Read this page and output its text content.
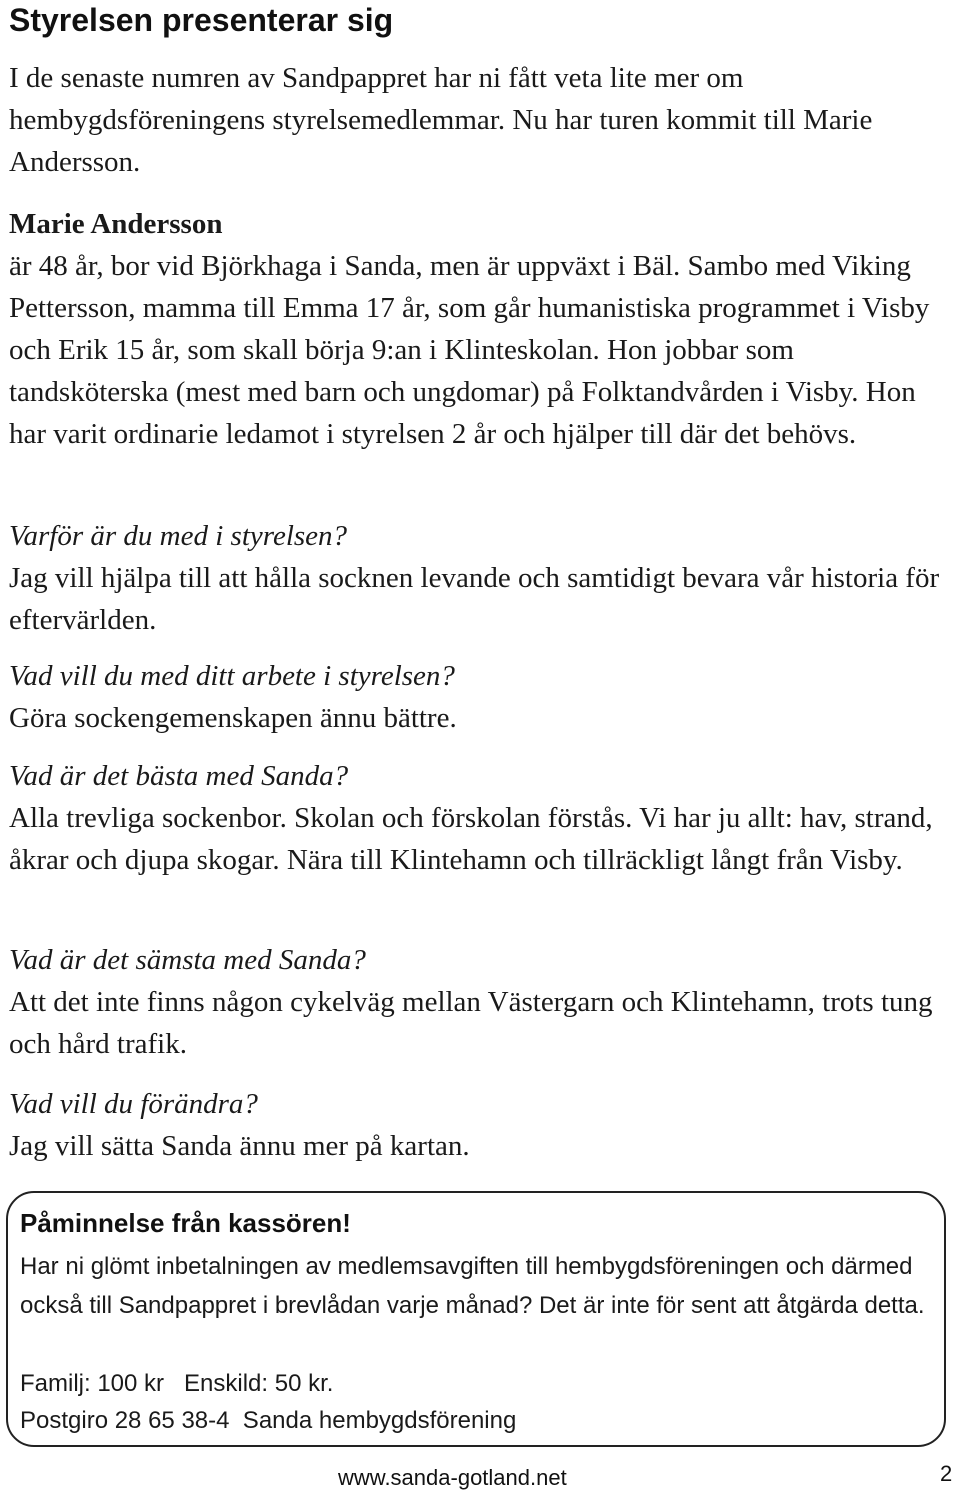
Styrelsen presenterar sig

I de senaste numren av Sandpappret har ni fått veta lite mer om hembygdsföreningens styrelsemedlemmar. Nu har turen kommit till Marie Andersson.

Marie Andersson

är 48 år, bor vid Björkhaga i Sanda, men är uppväxt i Bäl. Sambo med Viking Pettersson, mamma till Emma 17 år, som går humanistiska programmet i Visby och Erik 15 år, som skall börja 9:an i Klinteskolan. Hon jobbar som tandsköterska (mest med barn och ungdomar) på Folktandvården i Visby. Hon har varit ordinarie ledamot i styrelsen 2 år och hjälper till där det behövs.

Varför är du med i styrelsen?

Jag vill hjälpa till att hålla socknen levande och samtidigt bevara vår historia för eftervärlden.

Vad vill du med ditt arbete i styrelsen?

Göra sockengemenskapen ännu bättre.

Vad är det bästa med Sanda?

Alla trevliga sockenbor. Skolan och förskolan förstås. Vi har ju allt: hav, strand, åkrar och djupa skogar. Nära till Klintehamn och tillräckligt långt från Visby.

Vad är det sämsta med Sanda?

Att det inte finns någon cykelväg mellan Västergarn och Klintehamn, trots tung och hård trafik.

Vad vill du förändra?

Jag vill sätta Sanda ännu mer på kartan.

Påminnelse från kassören!

Har ni glömt inbetalningen av medlemsavgiften till hembygdsföreningen och därmed också till Sandpappret i brevlådan varje månad? Det är inte för sent att åtgärda detta.

Familj: 100 kr   Enskild: 50 kr.

Postgiro 28 65 38-4  Sanda hembygdsförening

www.sanda-gotland.net	2
